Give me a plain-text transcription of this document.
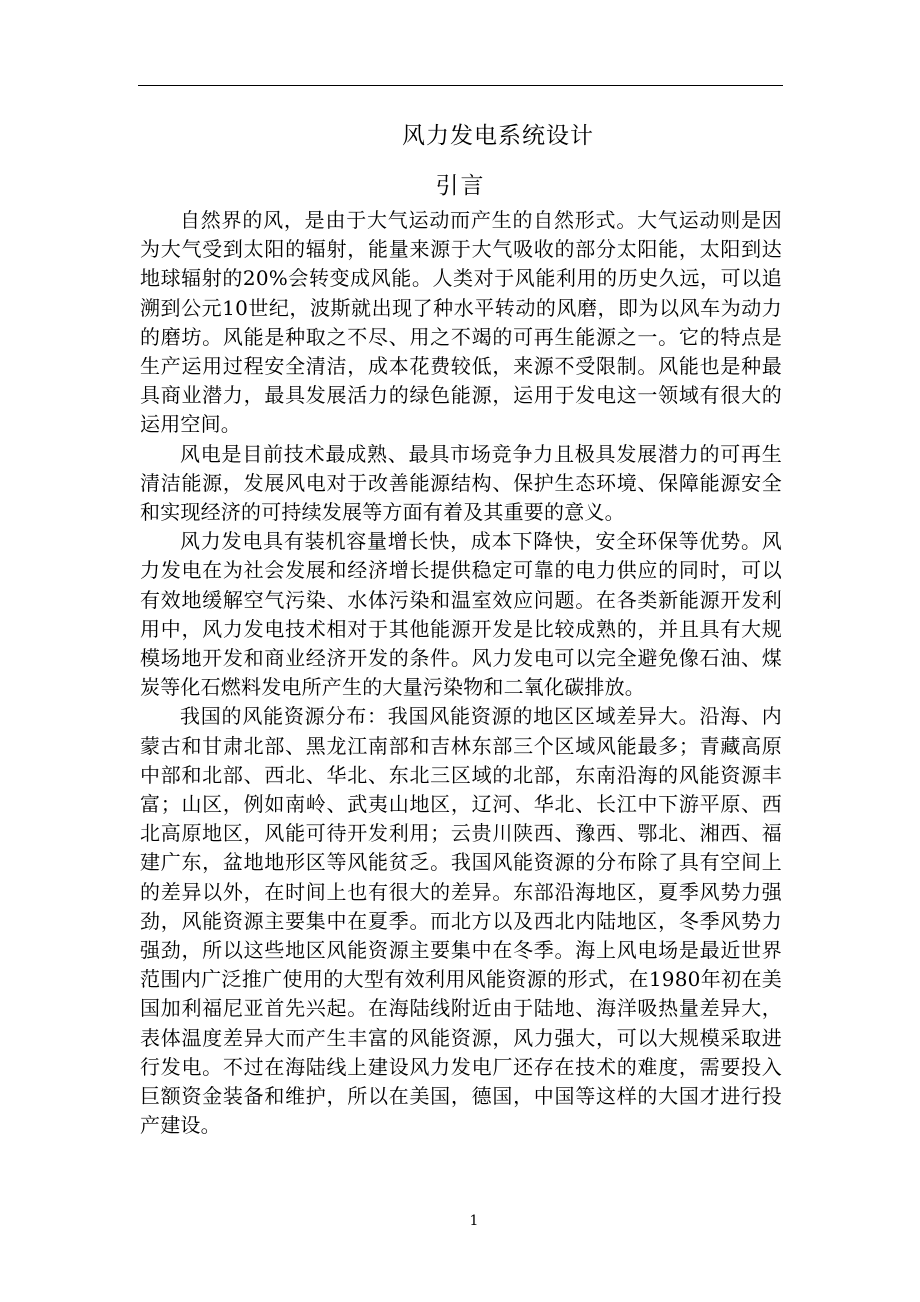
风力发电系统设计
引言

自然界的风，是由于大气运动而产生的自然形式。大气运动则是因为大气受到太阳的辐射，能量来源于大气吸收的部分太阳能，太阳到达地球辐射的20%会转变成风能。人类对于风能利用的历史久远，可以追溯到公元10世纪，波斯就出现了种水平转动的风磨，即为以风车为动力的磨坊。风能是种取之不尽、用之不竭的可再生能源之一。它的特点是生产运用过程安全清洁，成本花费较低，来源不受限制。风能也是种最具商业潜力，最具发展活力的绿色能源，运用于发电这一领域有很大的运用空间。

风电是目前技术最成熟、最具市场竞争力且极具发展潜力的可再生清洁能源，发展风电对于改善能源结构、保护生态环境、保障能源安全和实现经济的可持续发展等方面有着及其重要的意义。

风力发电具有装机容量增长快，成本下降快，安全环保等优势。风力发电在为社会发展和经济增长提供稳定可靠的电力供应的同时，可以有效地缓解空气污染、水体污染和温室效应问题。在各类新能源开发利用中，风力发电技术相对于其他能源开发是比较成熟的，并且具有大规模场地开发和商业经济开发的条件。风力发电可以完全避免像石油、煤炭等化石燃料发电所产生的大量污染物和二氧化碳排放。

我国的风能资源分布：我国风能资源的地区区域差异大。沿海、内蒙古和甘肃北部、黑龙江南部和吉林东部三个区域风能最多；青藏高原中部和北部、西北、华北、东北三区域的北部，东南沿海的风能资源丰富；山区，例如南岭、武夷山地区，辽河、华北、长江中下游平原、西北高原地区，风能可待开发利用；云贵川陕西、豫西、鄂北、湘西、福建广东，盆地地形区等风能贫乏。我国风能资源的分布除了具有空间上的差异以外，在时间上也有很大的差异。东部沿海地区，夏季风势力强劲，风能资源主要集中在夏季。而北方以及西北内陆地区，冬季风势力强劲，所以这些地区风能资源主要集中在冬季。海上风电场是最近世界范围内广泛推广使用的大型有效利用风能资源的形式，在1980年初在美国加利福尼亚首先兴起。在海陆线附近由于陆地、海洋吸热量差异大，表体温度差异大而产生丰富的风能资源，风力强大，可以大规模采取进行发电。不过在海陆线上建设风力发电厂还存在技术的难度，需要投入巨额资金装备和维护，所以在美国，德国，中国等这样的大国才进行投产建设。

1
